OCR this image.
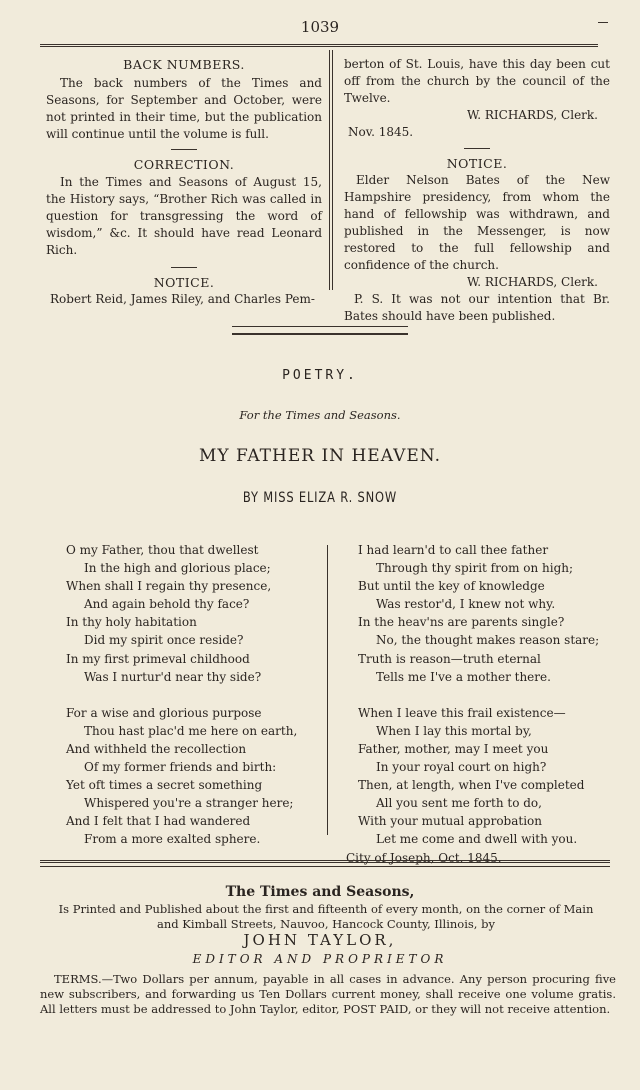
1039
BACK NUMBERS.
The back numbers of the Times and Seasons, for September and October, were not printed in their time, but the publication will continue until the volume is full.
CORRECTION.
In the Times and Seasons of August 15, the History says, “Brother Rich was called in question for transgressing the word of wisdom,” &c. It should have read Leonard Rich.
NOTICE.
Robert Reid, James Riley, and Charles Pem-
berton of St. Louis, have this day been cut off from the church by the council of the Twelve.
W. RICHARDS, Clerk.
Nov. 1845.
NOTICE.
Elder Nelson Bates of the New Hampshire presidency, from whom the hand of fellowship was withdrawn, and published in the Messenger, is now restored to the full fellowship and confidence of the church.
W. RICHARDS, Clerk.
P. S. It was not our intention that Br. Bates should have been published.
POETRY.
For the Times and Seasons.
MY FATHER IN HEAVEN.
BY MISS ELIZA R. SNOW
O my Father, thou that dwellest
In the high and glorious place;
When shall I regain thy presence,
And again behold thy face?
In thy holy habitation
Did my spirit once reside?
In my first primeval childhood
Was I nurtur'd near thy side?
For a wise and glorious purpose
Thou hast plac'd me here on earth,
And withheld the recollection
Of my former friends and birth:
Yet oft times a secret something
Whispered you're a stranger here;
And I felt that I had wandered
From a more exalted sphere.
I had learn'd to call thee father
Through thy spirit from on high;
But until the key of knowledge
Was restor'd, I knew not why.
In the heav'ns are parents single?
No, the thought makes reason stare;
Truth is reason—truth eternal
Tells me I've a mother there.
When I leave this frail existence—
When I lay this mortal by,
Father, mother, may I meet you
In your royal court on high?
Then, at length, when I've completed
All you sent me forth to do,
With your mutual approbation
Let me come and dwell with you.
City of Joseph, Oct. 1845.
The Times and Seasons,
Is Printed and Published about the first and fifteenth of every month, on the corner of Main
and Kimball Streets, Nauvoo, Hancock County, Illinois, by
JOHN TAYLOR,
EDITOR AND PROPRIETOR
TERMS.—Two Dollars per annum, payable in all cases in advance. Any person procuring five new subscribers, and forwarding us Ten Dollars current money, shall receive one volume gratis. All letters must be addressed to John Taylor, editor, POST PAID, or they will not receive attention.
